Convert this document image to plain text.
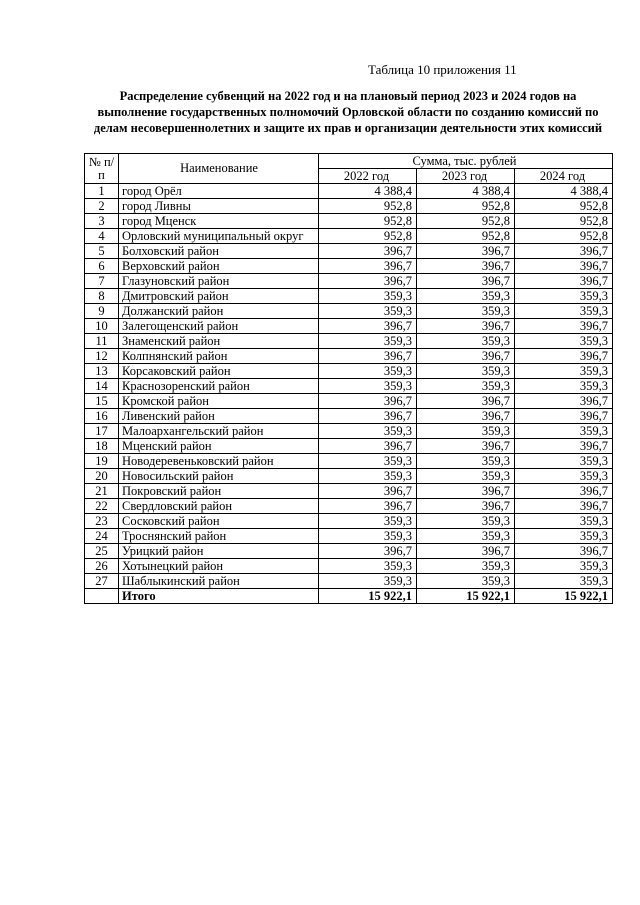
Таблица 10 приложения 11
Распределение субвенций на 2022 год и на плановый период 2023 и 2024 годов на выполнение государственных полномочий Орловской области по созданию комиссий по делам несовершеннолетних и защите их прав и организации деятельности этих комиссий
№ п/п	Наименование	Сумма, тыс. рублей		
		2022 год	2023 год	2024 год
1	город Орёл	4 388,4	4 388,4	4 388,4
2	город Ливны	952,8	952,8	952,8
3	город Мценск	952,8	952,8	952,8
4	Орловский муниципальный округ	952,8	952,8	952,8
5	Болховский район	396,7	396,7	396,7
6	Верховский район	396,7	396,7	396,7
7	Глазуновский район	396,7	396,7	396,7
8	Дмитровский район	359,3	359,3	359,3
9	Должанский район	359,3	359,3	359,3
10	Залегощенский район	396,7	396,7	396,7
11	Знаменский район	359,3	359,3	359,3
12	Колпнянский район	396,7	396,7	396,7
13	Корсаковский район	359,3	359,3	359,3
14	Краснозоренский район	359,3	359,3	359,3
15	Кромской район	396,7	396,7	396,7
16	Ливенский район	396,7	396,7	396,7
17	Малоархангельский район	359,3	359,3	359,3
18	Мценский район	396,7	396,7	396,7
19	Новодеревеньковский район	359,3	359,3	359,3
20	Новосильский район	359,3	359,3	359,3
21	Покровский район	396,7	396,7	396,7
22	Свердловский район	396,7	396,7	396,7
23	Сосковский район	359,3	359,3	359,3
24	Троснянский район	359,3	359,3	359,3
25	Урицкий район	396,7	396,7	396,7
26	Хотынецкий район	359,3	359,3	359,3
27	Шаблыкинский район	359,3	359,3	359,3
	Итого	15 922,1	15 922,1	15 922,1
